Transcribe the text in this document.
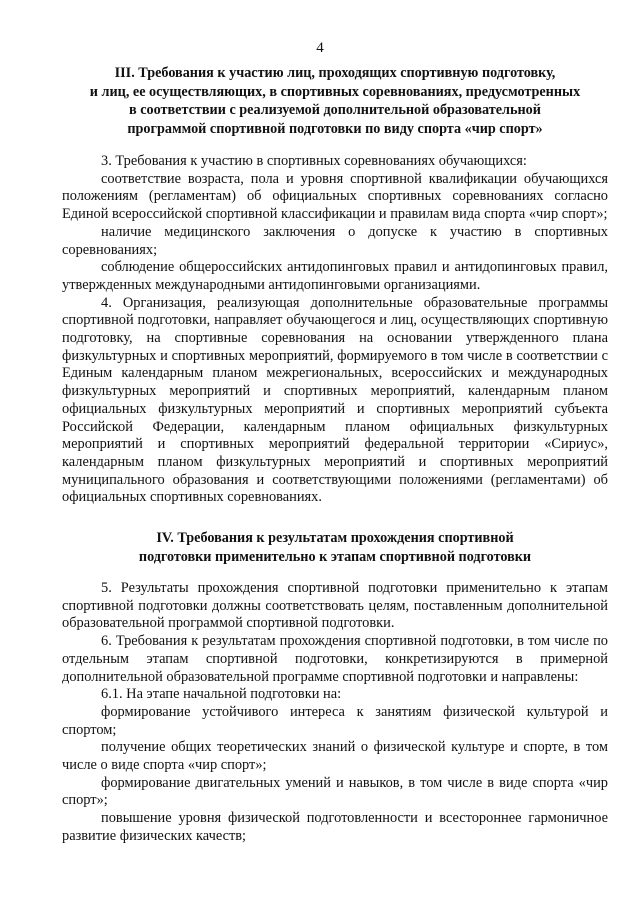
4
III. Требования к участию лиц, проходящих спортивную подготовку,
и лиц, ее осуществляющих, в спортивных соревнованиях, предусмотренных
в соответствии с реализуемой дополнительной образовательной
программой спортивной подготовки по виду спорта «чир спорт»

3. Требования к участию в спортивных соревнованиях обучающихся:

соответствие возраста, пола и уровня спортивной квалификации обучающихся положениям (регламентам) об официальных спортивных соревнованиях согласно Единой всероссийской спортивной классификации и правилам вида спорта «чир спорт»;

наличие медицинского заключения о допуске к участию в спортивных соревнованиях;

соблюдение общероссийских антидопинговых правил и антидопинговых правил, утвержденных международными антидопинговыми организациями.

4. Организация, реализующая дополнительные образовательные программы спортивной подготовки, направляет обучающегося и лиц, осуществляющих спортивную подготовку, на спортивные соревнования на основании утвержденного плана физкультурных и спортивных мероприятий, формируемого в том числе в соответствии с Единым календарным планом межрегиональных, всероссийских и международных физкультурных мероприятий и спортивных мероприятий, календарным планом официальных физкультурных мероприятий и спортивных мероприятий субъекта Российской Федерации, календарным планом официальных физкультурных мероприятий и спортивных мероприятий федеральной территории «Сириус», календарным планом физкультурных мероприятий и спортивных мероприятий муниципального образования и соответствующими положениями (регламентами) об официальных спортивных соревнованиях.

IV. Требования к результатам прохождения спортивной
подготовки применительно к этапам спортивной подготовки

5. Результаты прохождения спортивной подготовки применительно к этапам спортивной подготовки должны соответствовать целям, поставленным дополнительной образовательной программой спортивной подготовки.

6. Требования к результатам прохождения спортивной подготовки, в том числе по отдельным этапам спортивной подготовки, конкретизируются в примерной дополнительной образовательной программе спортивной подготовки и направлены:

6.1. На этапе начальной подготовки на:

формирование устойчивого интереса к занятиям физической культурой и спортом;

получение общих теоретических знаний о физической культуре и спорте, в том числе о виде спорта «чир спорт»;

формирование двигательных умений и навыков, в том числе в виде спорта «чир спорт»;

повышение уровня физической подготовленности и всестороннее гармоничное развитие физических качеств;
